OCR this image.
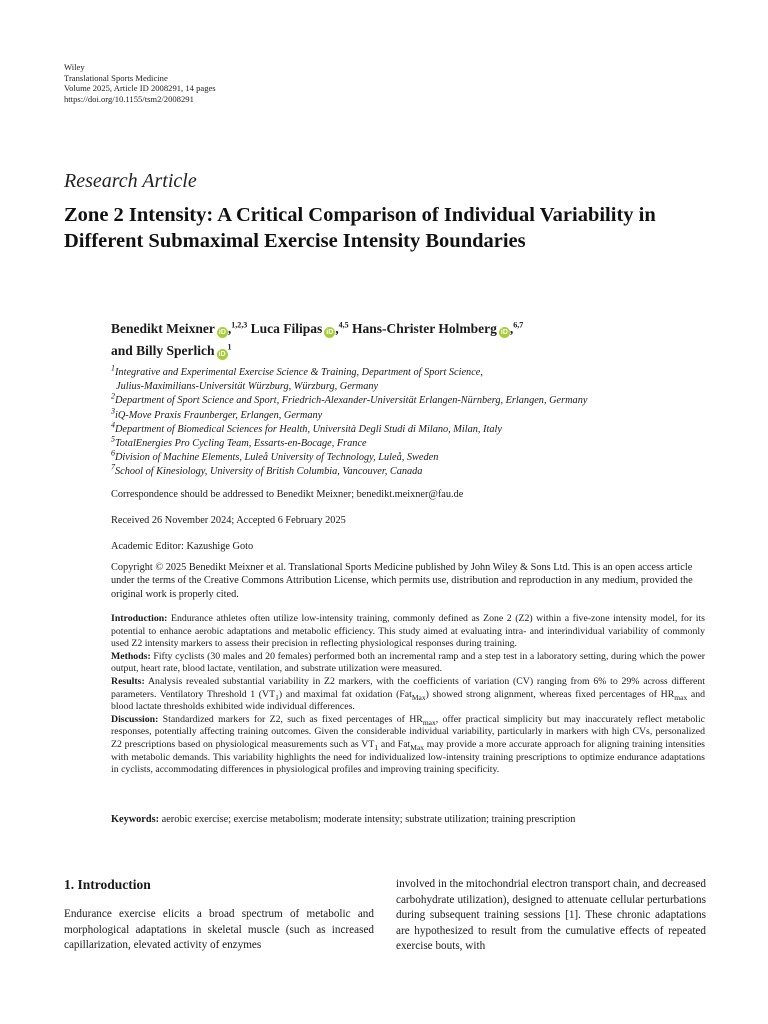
Wiley
Translational Sports Medicine
Volume 2025, Article ID 2008291, 14 pages
https://doi.org/10.1155/tsm2/2008291
Research Article
Zone 2 Intensity: A Critical Comparison of Individual Variability in Different Submaximal Exercise Intensity Boundaries
Benedikt Meixner iD ,$^{1,2,3}$ Luca Filipas iD ,$^{4,5}$ Hans-Christer Holmberg iD ,$^{6,7}$
and Billy Sperlich $iD^1$
$^1$Integrative and Experimental Exercise Science & Training, Department of Sport Science,
Julius-Maximilians-Universität Würzburg, Würzburg, Germany
$^2$Department of Sport Science and Sport, Friedrich-Alexander-Universität Erlangen-Nürnberg, Erlangen, Germany
$^3$iQ-Move Praxis Fraunberger, Erlangen, Germany
$^4$Department of Biomedical Sciences for Health, Università Degli Studi di Milano, Milan, Italy
$^5$TotalEnergies Pro Cycling Team, Essarts-en-Bocage, France
$^6$Division of Machine Elements, Luleå University of Technology, Luleå, Sweden
$^7$School of Kinesiology, University of British Columbia, Vancouver, Canada
Correspondence should be addressed to Benedikt Meixner; benedikt.meixner@fau.de
Received 26 November 2024; Accepted 6 February 2025
Academic Editor: Kazushige Goto
Copyright © 2025 Benedikt Meixner et al. Translational Sports Medicine published by John Wiley & Sons Ltd. This is an open access article under the terms of the Creative Commons Attribution License, which permits use, distribution and reproduction in any medium, provided the original work is properly cited.

Introduction: Endurance athletes often utilize low-intensity training, commonly defined as Zone 2 (Z2) within a five-zone intensity model, for its potential to enhance aerobic adaptations and metabolic efficiency. This study aimed at evaluating intra- and interindividual variability of commonly used Z2 intensity markers to assess their precision in reflecting physiological responses during training.

Methods: Fifty cyclists (30 males and 20 females) performed both an incremental ramp and a step test in a laboratory setting, during which the power output, heart rate, blood lactate, ventilation, and substrate utilization were measured.

Results: Analysis revealed substantial variability in Z2 markers, with the coefficients of variation (CV) ranging from 6% to 29% across different parameters. Ventilatory Threshold 1 $(VT_1)$ and maximal fat oxidation (Fat$_{Max}$) showed strong alignment, whereas fixed percentages of $HR_{max}$ and blood lactate thresholds exhibited wide individual differences.

Discussion: Standardized markers for Z2, such as fixed percentages of $HR_{max}$, offer practical simplicity but may inaccurately reflect metabolic responses, potentially affecting training outcomes. Given the considerable individual variability, particularly in markers with high CVs, personalized Z2 prescriptions based on physiological measurements such as $VT_1$ and Fat$_{Max}$ may provide a more accurate approach for aligning training intensities with metabolic demands. This variability highlights the need for individualized low-intensity training prescriptions to optimize endurance adaptations in cyclists, accommodating differences in physiological profiles and improving training specificity.

Keywords: aerobic exercise; exercise metabolism; moderate intensity; substrate utilization; training prescription
1. Introduction

Endurance exercise elicits a broad spectrum of metabolic and morphological adaptations in skeletal muscle (such as increased capillarization, elevated activity of enzymes

involved in the mitochondrial electron transport chain, and decreased carbohydrate utilization), designed to attenuate cellular perturbations during subsequent training sessions [1]. These chronic adaptations are hypothesized to result from the cumulative effects of repeated exercise bouts, with
